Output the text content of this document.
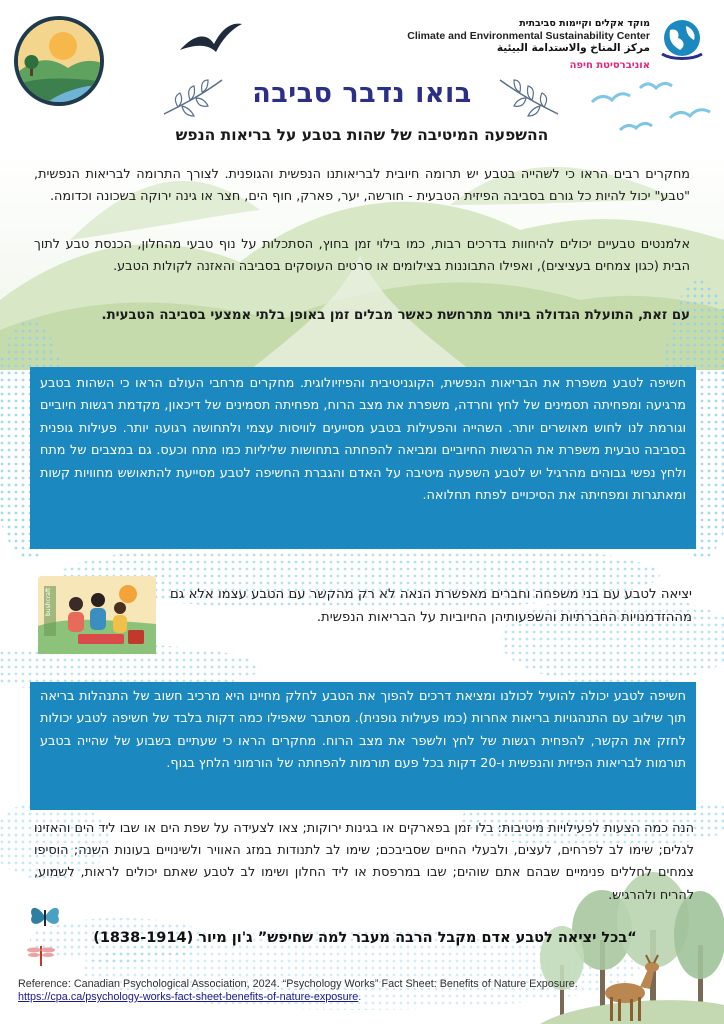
מוקד אקלים וקיימות סביבתית
Climate and Environmental Sustainability Center
مركز المناخ والاستدامة البيئية
אוניברסיטת חיפה
בואו נדבר סביבה
ההשפעה המיטיבה של שהות בטבע על בריאות הנפש
מחקרים רבים הראו כי לשהייה בטבע יש תרומה חיובית לבריאותנו הנפשית והגופנית. לצורך התרומה לבריאות הנפשית, "טבע" יכול להיות כל גורם בסביבה הפיזית הטבעית - חורשה, יער, פארק, חוף הים, חצר או גינה ירוקה בשכונה וכדומה.
אלמנטים טבעיים יכולים להיחוות בדרכים רבות, כמו בילוי זמן בחוץ, הסתכלות על נוף טבעי מהחלון, הכנסת טבע לתוך הבית (כגון צמחים בעציצים), ואפילו התבוננות בצילומים או סרטים העוסקים בסביבה והאזנה לקולות הטבע.
עם זאת, התועלת הגדולה ביותר מתרחשת כאשר מבלים זמן באופן בלתי אמצעי בסביבה הטבעית.
חשיפה לטבע משפרת את הבריאות הנפשית, הקוגניטיבית והפיזיולוגית. מחקרים מרחבי העולם הראו כי השהות בטבע מרגיעה ומפחיתה תסמינים של לחץ וחרדה, משפרת את מצב הרוח, מפחיתה תסמינים של דיכאון, מקדמת רגשות חיוביים וגורמת לנו לחוש מאושרים יותר. השהייה והפעילות בטבע מסייעים לוויסות עצמי ולתחושה רגועה יותר. פעילות גופנית בסביבה טבעית משפרת את הרגשות החיוביים ומביאה להפחתה בתחושות שליליות כמו מתח וכעס. גם במצבים של מתח ולחץ נפשי גבוהים מהרגיל יש לטבע השפעה מיטיבה על האדם והגברת החשיפה לטבע מסייעת להתאושש מחוויות קשות ומאתגרות ומפחיתה את הסיכויים לפתח תחלואה.
bushcraft	יציאה לטבע עם בני משפחה וחברים מאפשרת הנאה לא רק מהקשר עם הטבע עצמו אלא גם מההזדמנויות החברתיות והשפעותיהן החיוביות על הבריאות הנפשית.
חשיפה לטבע יכולה להועיל לכולנו ומציאת דרכים להפוך את הטבע לחלק מחיינו היא מרכיב חשוב של התנהלות בריאה תוך שילוב עם התנהגויות בריאות אחרות (כמו פעילות גופנית). מסתבר שאפילו כמה דקות בלבד של חשיפה לטבע יכולות לחזק את הקשר, להפחית רגשות של לחץ ולשפר את מצב הרוח. מחקרים הראו כי שעתיים בשבוע של שהייה בטבע תורמות לבריאות הפיזית והנפשית ו-20 דקות בכל פעם תורמות להפחתה של הורמוני הלחץ בגוף.
הנה כמה הצעות לפעילויות מיטיבות: בלו זמן בפארקים או בגינות ירוקות; צאו לצעידה על שפת הים או שבו ליד הים והאזינו לגלים; שימו לב לפרחים, לעצים, ולבעלי החיים שסביבכם; שימו לב לתנודות במזג האוויר ולשינויים בעונות השנה; הוסיפו צמחים לחללים פנימיים שבהם אתם שוהים; שבו במרפסת או ליד החלון ושימו לב לטבע שאתם יכולים לראות, לשמוע, להריח ולהרגיש.
“בכל יציאה לטבע אדם מקבל הרבה מעבר למה שחיפש” ג'ון מיור (1838-1914)
Reference: Canadian Psychological Association, 2024. “Psychology Works” Fact Sheet: Benefits of Nature Exposure. https://cpa.ca/psychology-works-fact-sheet-benefits-of-nature-exposure.
